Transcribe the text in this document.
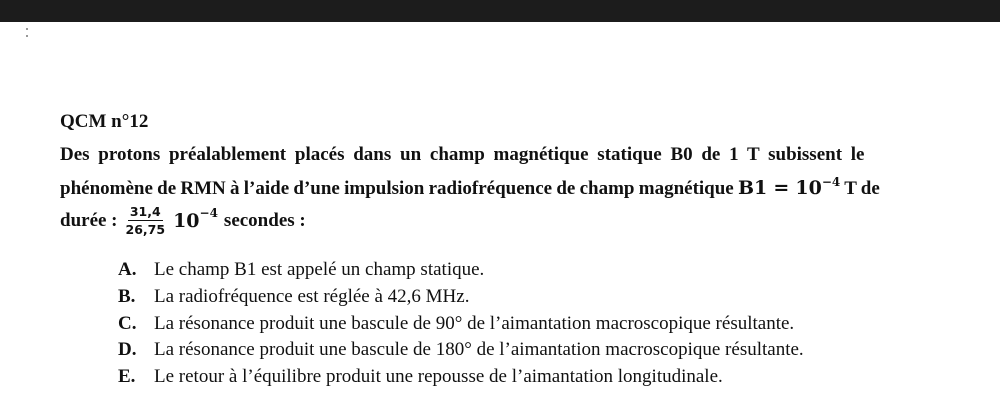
QCM n°12
Des protons préalablement placés dans un champ magnétique statique B0 de 1 T subissent le
phénomène de RMN à l’aide d’une impulsion radiofréquence de champ magnétique $B1 = 10^{-4}$ T de
durée : $\frac{31,4}{26,75} 10 -4$ secondes :
A. Le champ B1 est appelé un champ statique.
B. La radiofréquence est réglée à 42,6 MHz.
C. La résonance produit une bascule de 90° de l’aimantation macroscopique résultante.
D. La résonance produit une bascule de 180° de l’aimantation macroscopique résultante.
E. Le retour à l’équilibre produit une repousse de l’aimantation longitudinale.
